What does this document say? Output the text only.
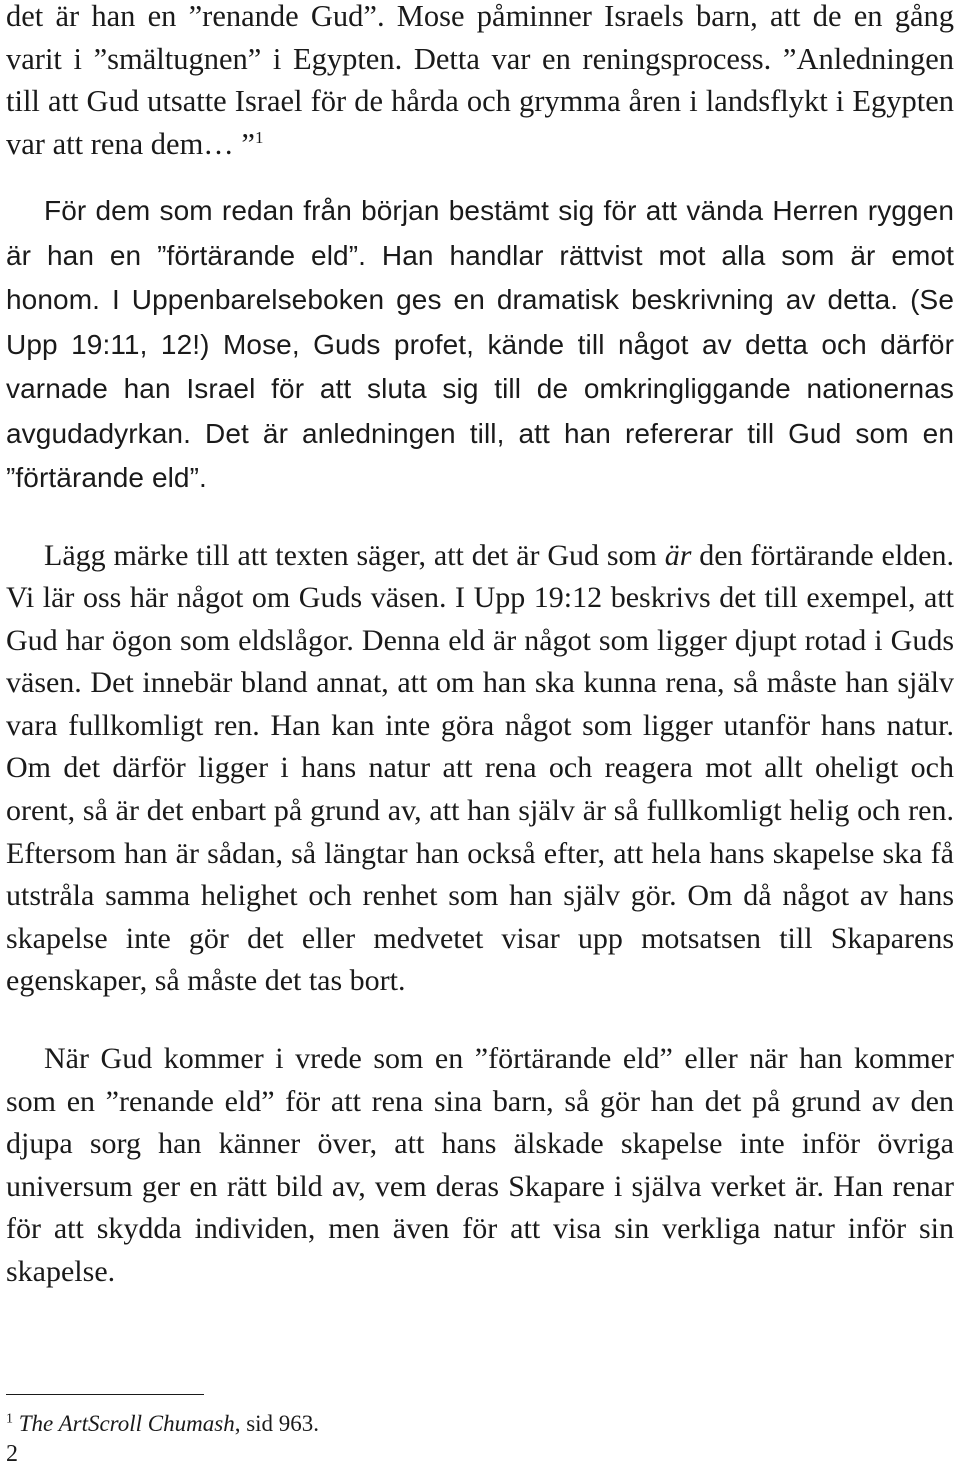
det är han en ”renande Gud”. Mose påminner Israels barn, att de en gång varit i ”smältugnen” i Egypten. Detta var en reningsprocess. ”Anledningen till att Gud utsatte Israel för de hårda och grymma åren i landsflykt i Egypten var att rena dem… ”$^1$

För dem som redan från början bestämt sig för att vända Herren ryggen är han en ”förtärande eld”. Han handlar rättvist mot alla som är emot honom. I Uppenbarelseboken ges en dramatisk beskrivning av detta. (Se Upp 19:11, 12!) Mose, Guds profet, kände till något av detta och därför varnade han Israel för att sluta sig till de omkringliggande nationernas avgudadyrkan. Det är anledningen till, att han refererar till Gud som en ”förtärande eld”.

Lägg märke till att texten säger, att det är Gud som är den förtärande elden. Vi lär oss här något om Guds väsen. I Upp 19:12 beskrivs det till exempel, att Gud har ögon som eldslågor. Denna eld är något som ligger djupt rotad i Guds väsen. Det innebär bland annat, att om han ska kunna rena, så måste han själv vara fullkomligt ren. Han kan inte göra något som ligger utanför hans natur. Om det därför ligger i hans natur att rena och reagera mot allt oheligt och orent, så är det enbart på grund av, att han själv är så fullkomligt helig och ren. Eftersom han är sådan, så längtar han också efter, att hela hans skapelse ska få utstråla samma helighet och renhet som han själv gör. Om då något av hans skapelse inte gör det eller medvetet visar upp motsatsen till Skaparens egenskaper, så måste det tas bort.

När Gud kommer i vrede som en ”förtärande eld” eller när han kommer som en ”renande eld” för att rena sina barn, så gör han det på grund av den djupa sorg han känner över, att hans älskade skapelse inte inför övriga universum ger en rätt bild av, vem deras Skapare i själva verket är. Han renar för att skydda individen, men även för att visa sin verkliga natur inför sin skapelse.

$^1$ The ArtScroll Chumash, sid 963.
2
